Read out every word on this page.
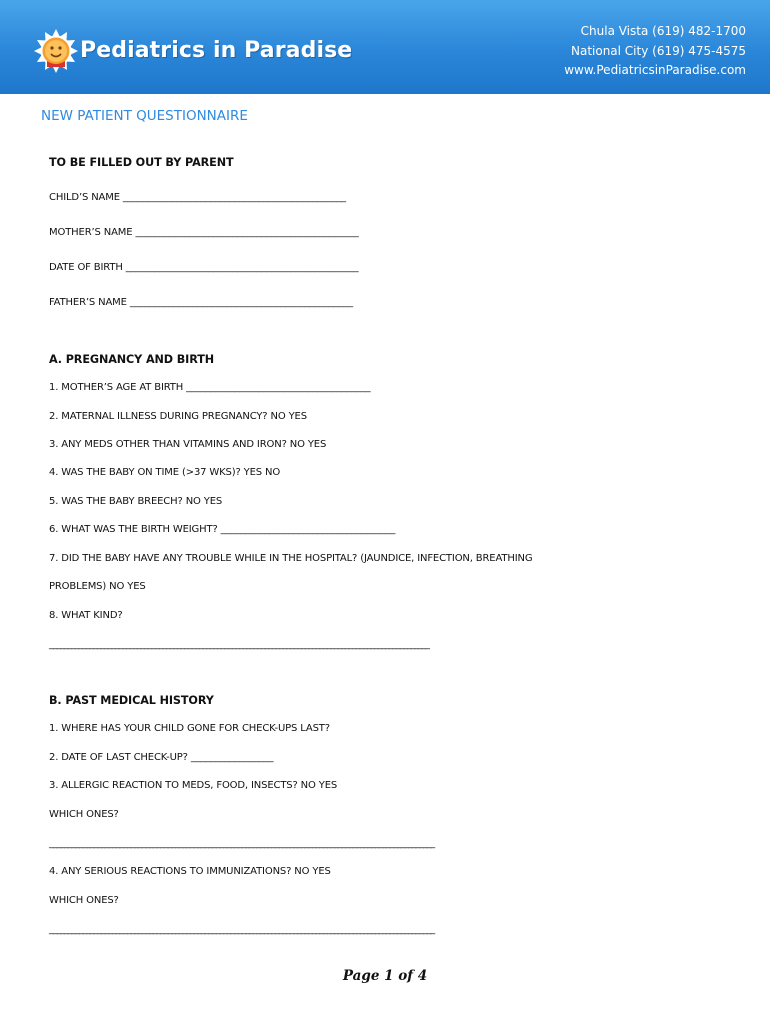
Pediatrics in Paradise
Chula Vista (619) 482-1700
National City (619) 475-4575
www.PediatricsinParadise.com
NEW PATIENT QUESTIONNAIRE
TO BE FILLED OUT BY PARENT
CHILD’S NAME ______________________________________________
MOTHER’S NAME ______________________________________________
DATE OF BIRTH ________________________________________________
FATHER’S NAME ______________________________________________
A. PREGNANCY AND BIRTH
1. MOTHER’S AGE AT BIRTH ______________________________________
2. MATERNAL ILLNESS DURING PREGNANCY? NO YES
3. ANY MEDS OTHER THAN VITAMINS AND IRON? NO YES
4. WAS THE BABY ON TIME (>37 WKS)? YES NO
5. WAS THE BABY BREECH? NO YES
6. WHAT WAS THE BIRTH WEIGHT? ____________________________________
7. DID THE BABY HAVE ANY TROUBLE WHILE IN THE HOSPITAL? (JAUNDICE, INFECTION, BREATHING
PROBLEMS) NO YES
8. WHAT KIND?
________________________________________________________________________________________________________
B. PAST MEDICAL HISTORY
1. WHERE HAS YOUR CHILD GONE FOR CHECK-UPS LAST?
2. DATE OF LAST CHECK-UP? _________________
3. ALLERGIC REACTION TO MEDS, FOOD, INSECTS? NO YES
WHICH ONES?
________________________________________________________________________________________________________
4. ANY SERIOUS REACTIONS TO IMMUNIZATIONS? NO YES
WHICH ONES?
________________________________________________________________________________________________________
Page 1 of 4
